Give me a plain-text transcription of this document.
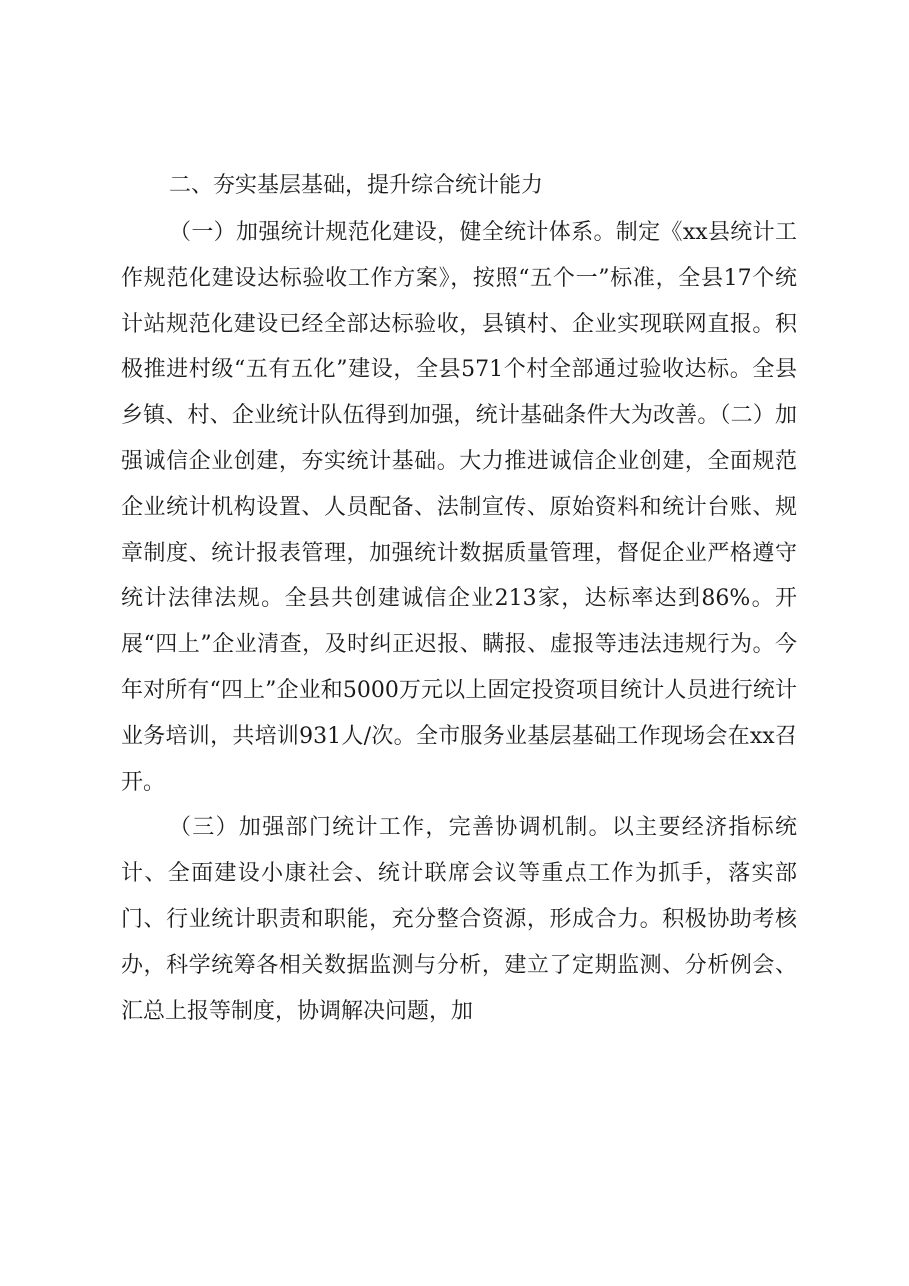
二、夯实基层基础，提升综合统计能力

（一）加强统计规范化建设，健全统计体系。制定《xx县统计工作规范化建设达标验收工作方案》，按照“五个一”标准，全县17个统计站规范化建设已经全部达标验收，县镇村、企业实现联网直报。积极推进村级“五有五化”建设，全县571个村全部通过验收达标。全县乡镇、村、企业统计队伍得到加强，统计基础条件大为改善。（二）加强诚信企业创建，夯实统计基础。大力推进诚信企业创建，全面规范企业统计机构设置、人员配备、法制宣传、原始资料和统计台账、规章制度、统计报表管理，加强统计数据质量管理，督促企业严格遵守统计法律法规。全县共创建诚信企业213家，达标率达到86%。开展“四上”企业清查，及时纠正迟报、瞒报、虚报等违法违规行为。今年对所有“四上”企业和5000万元以上固定投资项目统计人员进行统计业务培训，共培训931人/次。全市服务业基层基础工作现场会在xx召开。

（三）加强部门统计工作，完善协调机制。以主要经济指标统计、全面建设小康社会、统计联席会议等重点工作为抓手，落实部门、行业统计职责和职能，充分整合资源，形成合力。积极协助考核办，科学统筹各相关数据监测与分析，建立了定期监测、分析例会、汇总上报等制度，协调解决问题，加
